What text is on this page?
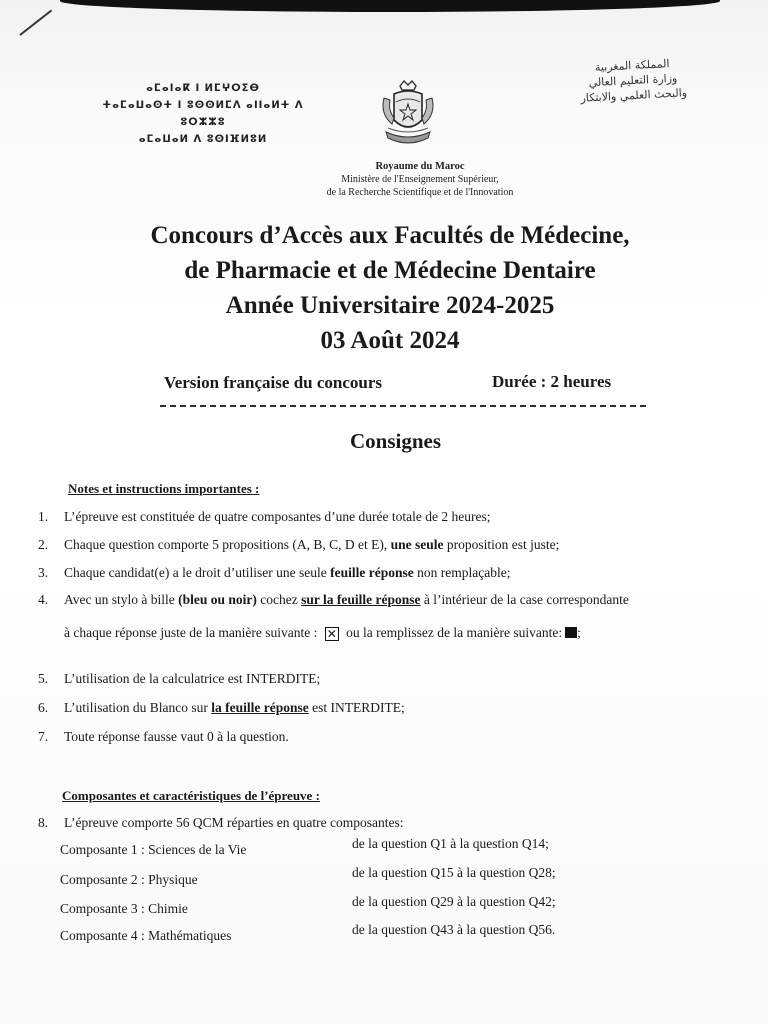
ⴰⵎⴰⵏⴰⴽ ⵏ ⵍⵎⵖⵔⵉⴱ
ⵜⴰⵎⴰⵡⴰⵙⵜ ⵏ ⵓⵙⵙⵍⵎⴷ ⴰⵏⵏⴰⵍⵜ ⴷ ⵓⵔⵣⵣⵓ
ⴰⵎⴰⵡⴰⵍ ⴷ ⵓⵙⵏⴼⵍⵓⵍ
المملكة المغربية
وزارة التعليم العالي
والبحث العلمي والابتكار
Royaume du Maroc
Ministère de l'Enseignement Supérieur,
de la Recherche Scientifique et de l'Innovation
Concours d’Accès aux Facultés de Médecine,
de Pharmacie et de Médecine Dentaire
Année Universitaire 2024-2025
03 Août 2024
Version française du concours	Durée : 2 heures
Consignes
Notes et instructions importantes :
1. L’épreuve est constituée de quatre composantes d’une durée totale de 2 heures;
2. Chaque question comporte 5 propositions (A, B, C, D et E), une seule proposition est juste;
3. Chaque candidat(e) a le droit d’utiliser une seule feuille réponse non remplaçable;
4. Avec un stylo à bille (bleu ou noir) cochez sur la feuille réponse à l’intérieur de la case correspondante
à chaque réponse juste de la manière suivante : ✕ ou la remplissez de la manière suivante: ;
5. L’utilisation de la calculatrice est INTERDITE;
6. L’utilisation du Blanco sur la feuille réponse est INTERDITE;
7. Toute réponse fausse vaut 0 à la question.
Composantes et caractéristiques de l’épreuve :
8. L’épreuve comporte 56 QCM réparties en quatre composantes:
Composante 1 : Sciences de la Vie	de la question Q1 à la question Q14;
Composante 2 : Physique	de la question Q15 à la question Q28;
Composante 3 : Chimie	de la question Q29 à la question Q42;
Composante 4 : Mathématiques	de la question Q43 à la question Q56.
